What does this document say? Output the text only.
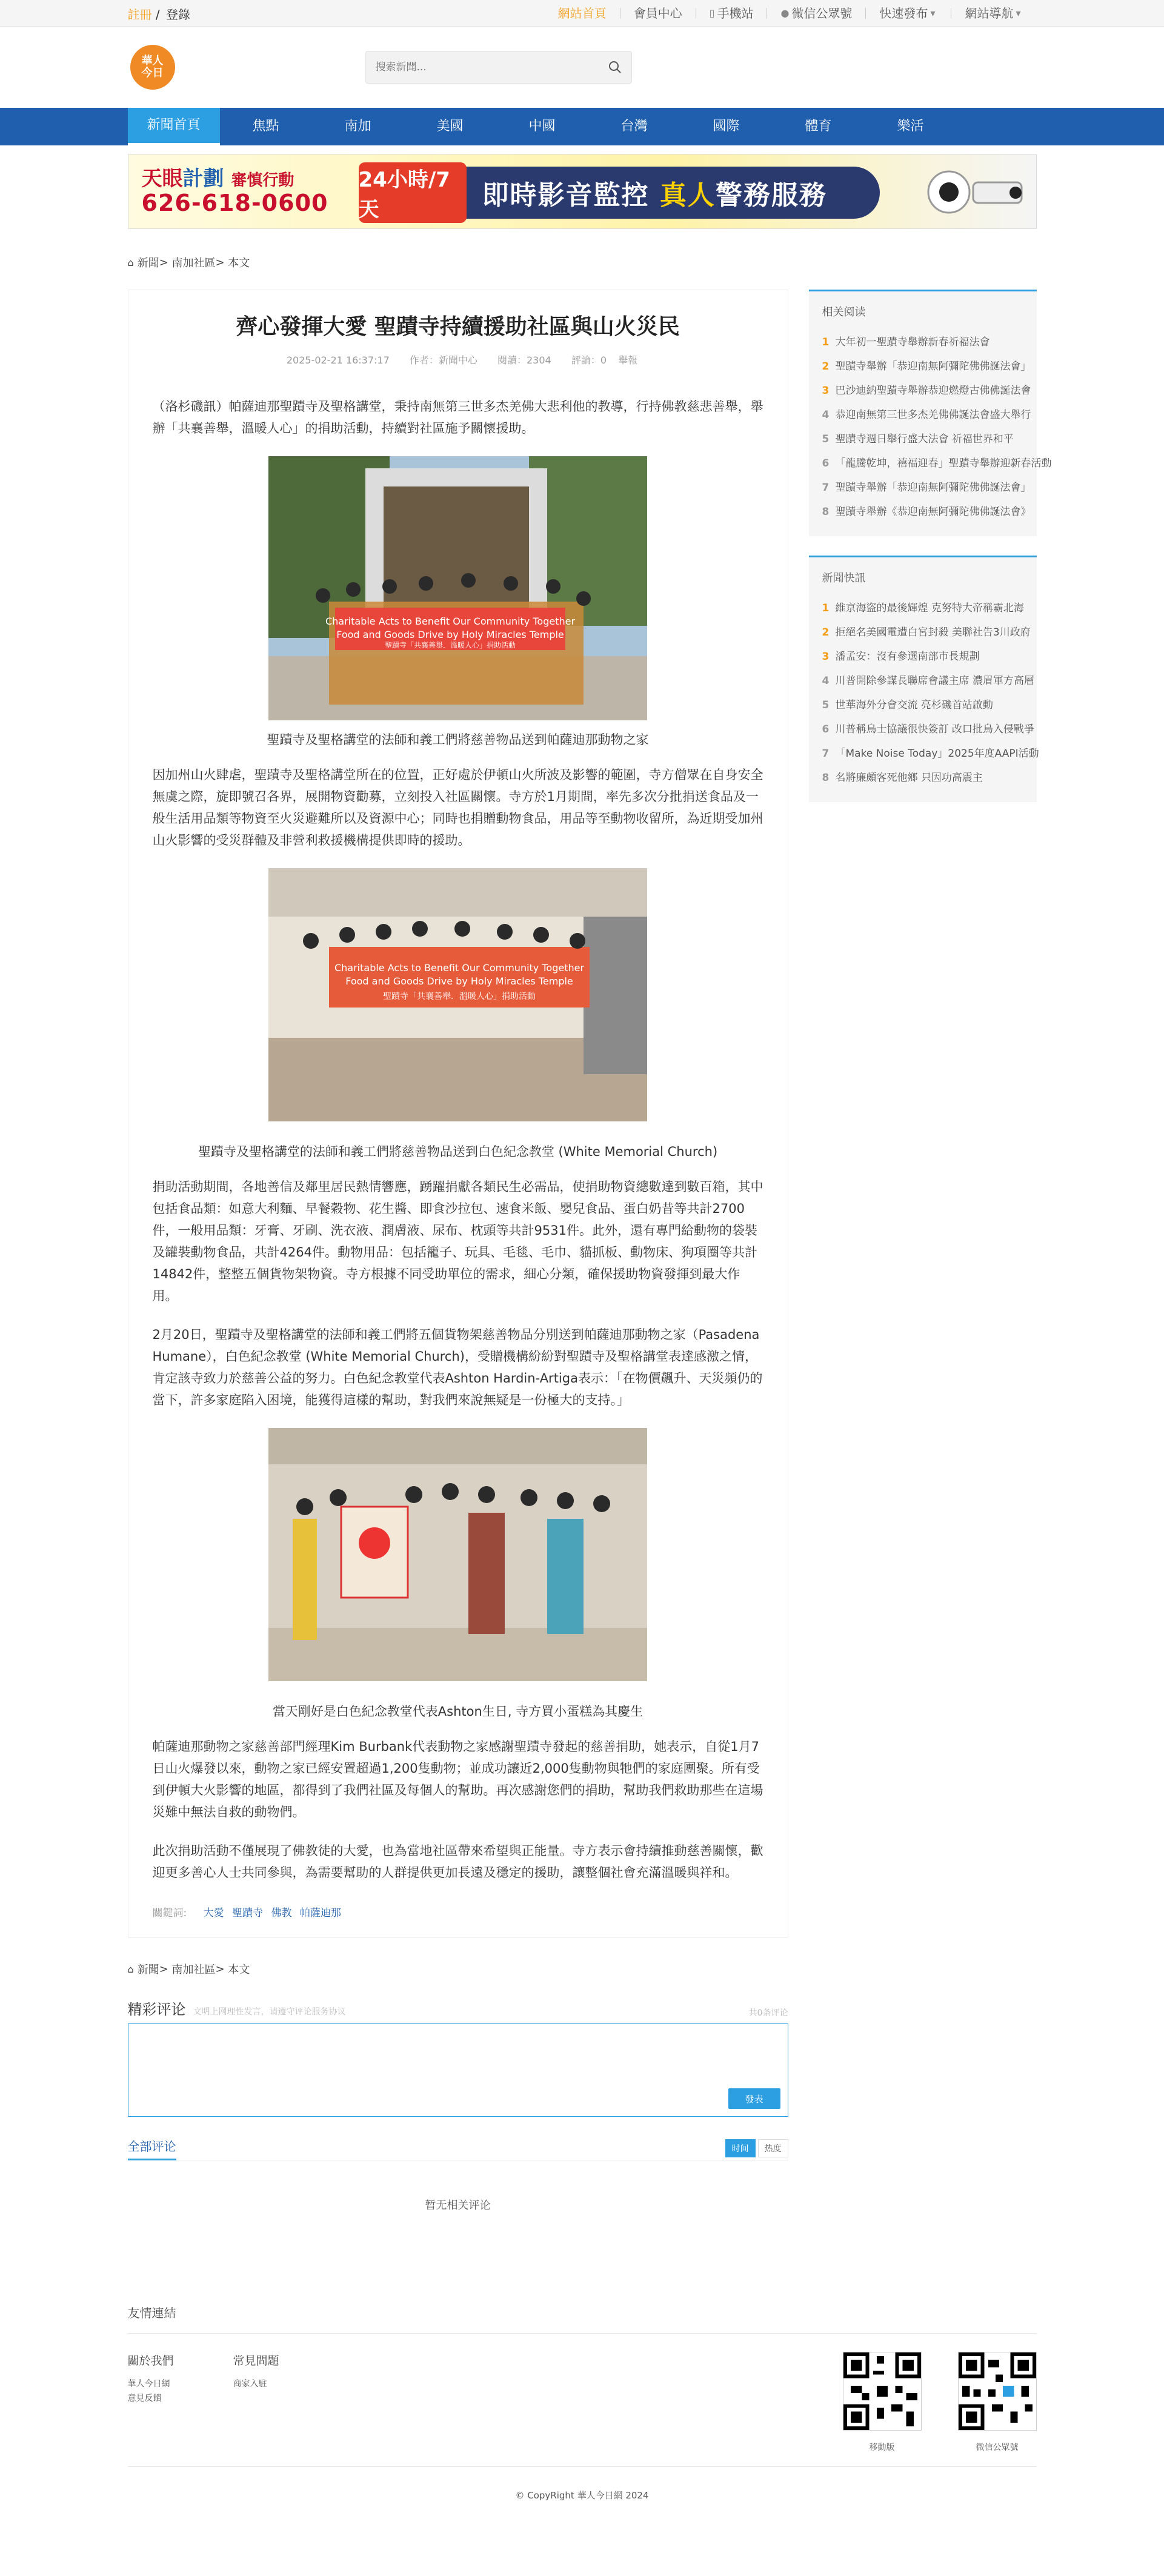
註冊 / 登錄	網站首頁 會員中心	▯ 手機站	● 微信公眾號 快速發布 ▾ 網站導航 ▾
華人今日
搜索新聞...
新聞首頁	焦點	南加	美國	中國	台灣	國際	體育	樂活
天眼計劃 審慎行動
626-618-0600
24小時/7天	即時影音監控 真人警務服務
⌂ 新聞 > 南加社區 > 本文
齊心發揮大愛 聖蹟寺持續援助社區與山火災民
2025-02-21 16:37:17 作者：新聞中心 閱讀：2304 評論：0 舉報

（洛杉磯訊）帕薩迪那聖蹟寺及聖格講堂，秉持南無第三世多杰羌佛大悲利他的教導，行持佛教慈悲善舉，舉辦「共襄善舉，溫暖人心」的捐助活動，持續對社區施予關懷援助。

Charitable Acts to Benefit Our Community Together
Food and Goods Drive by Holy Miracles Temple
聖蹟寺「共襄善舉．溫暖人心」捐助活動
聖蹟寺及聖格講堂的法師和義工們將慈善物品送到帕薩迪那動物之家

因加州山火肆虐，聖蹟寺及聖格講堂所在的位置，正好處於伊頓山火所波及影響的範圍，寺方僧眾在自身安全無虞之際，旋即號召各界，展開物資勸募，立刻投入社區關懷。寺方於1月期間，率先多次分批捐送食品及一般生活用品類等物資至火災避難所以及資源中心；同時也捐贈動物食品，用品等至動物收留所，為近期受加州山火影響的受災群體及非營利救援機構提供即時的援助。

Charitable Acts to Benefit Our Community Together
Food and Goods Drive by Holy Miracles Temple
聖蹟寺「共襄善舉．溫暖人心」捐助活動
聖蹟寺及聖格講堂的法師和義工們將慈善物品送到白色紀念教堂 (White Memorial Church)

捐助活動期間，各地善信及鄰里居民熱情響應，踴躍捐獻各類民生必需品，使捐助物資總數達到數百箱，其中包括食品類：如意大利麵、早餐穀物、花生醬、即食沙拉包、速食米飯、嬰兒食品、蛋白奶昔等共計2700件，一般用品類：牙膏、牙刷、洗衣液、潤膚液、尿布、枕頭等共計9531件。此外，還有專門給動物的袋裝及罐裝動物食品，共計4264件。動物用品：包括籠子、玩具、毛毯、毛巾、貓抓板、動物床、狗項圈等共計14842件，整整五個貨物架物資。寺方根據不同受助單位的需求，細心分類，確保援助物資發揮到最大作用。

2月20日，聖蹟寺及聖格講堂的法師和義工們將五個貨物架慈善物品分別送到帕薩迪那動物之家（Pasadena Humane），白色紀念教堂 (White Memorial Church)，受贈機構紛紛對聖蹟寺及聖格講堂表達感激之情，肯定該寺致力於慈善公益的努力。白色紀念教堂代表Ashton Hardin-Artiga表示：「在物價飆升、天災頻仍的當下，許多家庭陷入困境，能獲得這樣的幫助，對我們來說無疑是一份極大的支持。」

當天剛好是白色紀念教堂代表Ashton生日, 寺方買小蛋糕為其慶生

帕薩迪那動物之家慈善部門經理Kim Burbank代表動物之家感謝聖蹟寺發起的慈善捐助，她表示，自從1月7日山火爆發以來，動物之家已經安置超過1,200隻動物；並成功讓近2,000隻動物與牠們的家庭團聚。所有受到伊頓大火影響的地區，都得到了我們社區及每個人的幫助。再次感謝您們的捐助，幫助我們救助那些在這場災難中無法自救的動物們。

此次捐助活動不僅展現了佛教徒的大愛，也為當地社區帶來希望與正能量。寺方表示會持續推動慈善關懷，歡迎更多善心人士共同參與，為需要幫助的人群提供更加長遠及穩定的援助，讓整個社會充滿溫暖與祥和。

關鍵詞: 大愛 聖蹟寺 佛教 帕薩迪那
相关阅读
1 大年初一聖蹟寺舉辦新春祈福法會
2 聖蹟寺舉辦「恭迎南無阿彌陀佛佛誕法會」
3 巴沙迪納聖蹟寺舉辦恭迎燃燈古佛佛誕法會
4 恭迎南無第三世多杰羌佛佛誕法會盛大舉行
5 聖蹟寺週日舉行盛大法會 祈福世界和平
6 「龍騰乾坤，禧福迎春」聖蹟寺舉辦迎新春活動
7 聖蹟寺舉辦「恭迎南無阿彌陀佛佛誕法會」
8 聖蹟寺舉辦《恭迎南無阿彌陀佛佛誕法會》
新聞快訊
1 維京海盜的最後輝煌 克努特大帝稱霸北海
2 拒絕名美國電遭白宮封殺 美聯社告3川政府
3 潘孟安：沒有參選南部市長規劃
4 川普開除參謀長聯席會議主席 濃眉軍方高層
5 世華海外分會交流 亮杉磯首站啟動
6 川普稱烏士協議很快簽訂 改口批烏入侵戰爭
7 「Make Noise Today」2025年度AAPI活動
8 名將廉頗客死他鄉 只因功高震主
⌂ 新聞 > 南加社區 > 本文
精彩评论 文明上网理性发言，请遵守评论服务协议	共0条评论
發表
全部评论	时间 热度
暂无相关评论
友情連結
關於我們

華人今日網

意見反饋

常見問題

商家入駐

移動版	微信公眾號

© CopyRight 華人今日網 2024
